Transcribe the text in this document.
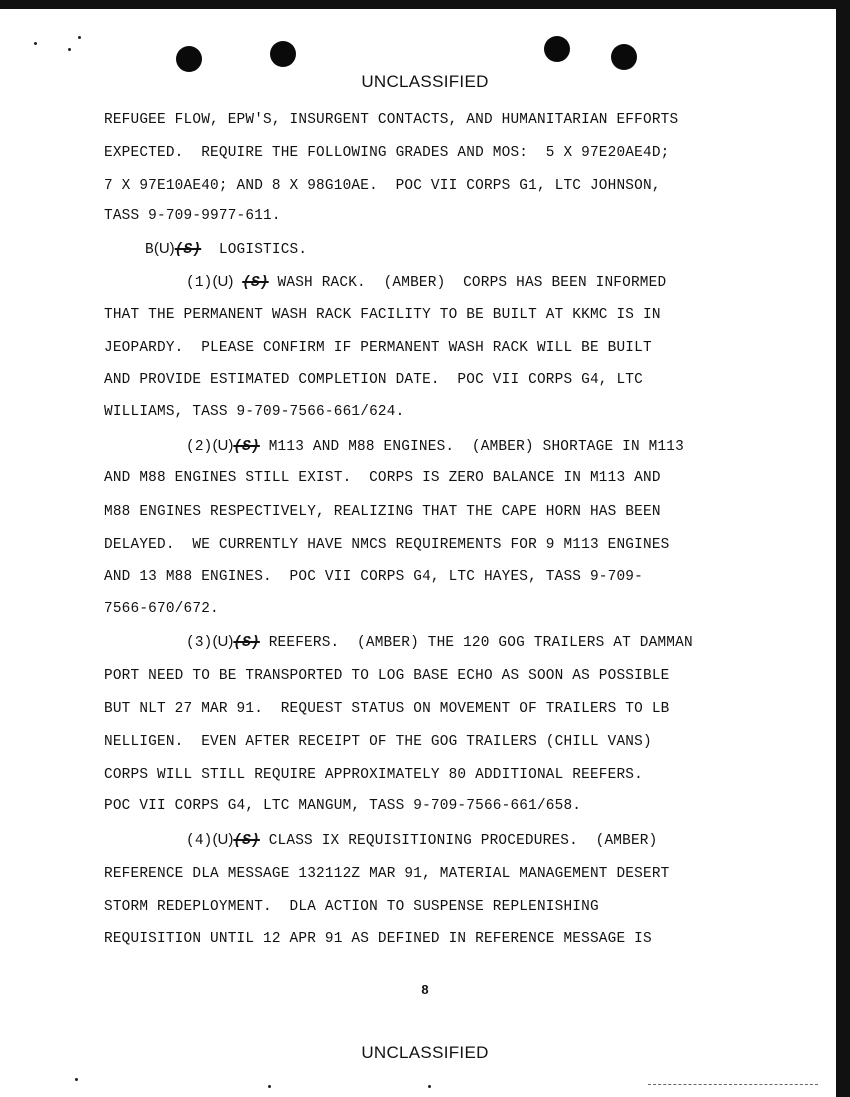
UNCLASSIFIED
REFUGEE FLOW, EPW'S, INSURGENT CONTACTS, AND HUMANITARIAN EFFORTS
EXPECTED.  REQUIRE THE FOLLOWING GRADES AND MOS:  5 X 97E20AE4D;
7 X 97E10AE40; AND 8 X 98G10AE.  POC VII CORPS G1, LTC JOHNSON,
TASS 9-709-9977-611.
B(U)(S)  LOGISTICS.
(1)(U) (S) WASH RACK.  (AMBER)  CORPS HAS BEEN INFORMED
THAT THE PERMANENT WASH RACK FACILITY TO BE BUILT AT KKMC IS IN
JEOPARDY.  PLEASE CONFIRM IF PERMANENT WASH RACK WILL BE BUILT
AND PROVIDE ESTIMATED COMPLETION DATE.  POC VII CORPS G4, LTC
WILLIAMS, TASS 9-709-7566-661/624.
(2)(U)(S) M113 AND M88 ENGINES.  (AMBER) SHORTAGE IN M113
AND M88 ENGINES STILL EXIST.  CORPS IS ZERO BALANCE IN M113 AND
M88 ENGINES RESPECTIVELY, REALIZING THAT THE CAPE HORN HAS BEEN
DELAYED.  WE CURRENTLY HAVE NMCS REQUIREMENTS FOR 9 M113 ENGINES
AND 13 M88 ENGINES.  POC VII CORPS G4, LTC HAYES, TASS 9-709-
7566-670/672.
(3)(U)(S) REEFERS.  (AMBER) THE 120 GOG TRAILERS AT DAMMAN
PORT NEED TO BE TRANSPORTED TO LOG BASE ECHO AS SOON AS POSSIBLE
BUT NLT 27 MAR 91.  REQUEST STATUS ON MOVEMENT OF TRAILERS TO LB
NELLIGEN.  EVEN AFTER RECEIPT OF THE GOG TRAILERS (CHILL VANS)
CORPS WILL STILL REQUIRE APPROXIMATELY 80 ADDITIONAL REEFERS.
POC VII CORPS G4, LTC MANGUM, TASS 9-709-7566-661/658.
(4)(U)(S) CLASS IX REQUISITIONING PROCEDURES.  (AMBER)
REFERENCE DLA MESSAGE 132112Z MAR 91, MATERIAL MANAGEMENT DESERT
STORM REDEPLOYMENT.  DLA ACTION TO SUSPENSE REPLENISHING
REQUISITION UNTIL 12 APR 91 AS DEFINED IN REFERENCE MESSAGE IS
8
UNCLASSIFIED
